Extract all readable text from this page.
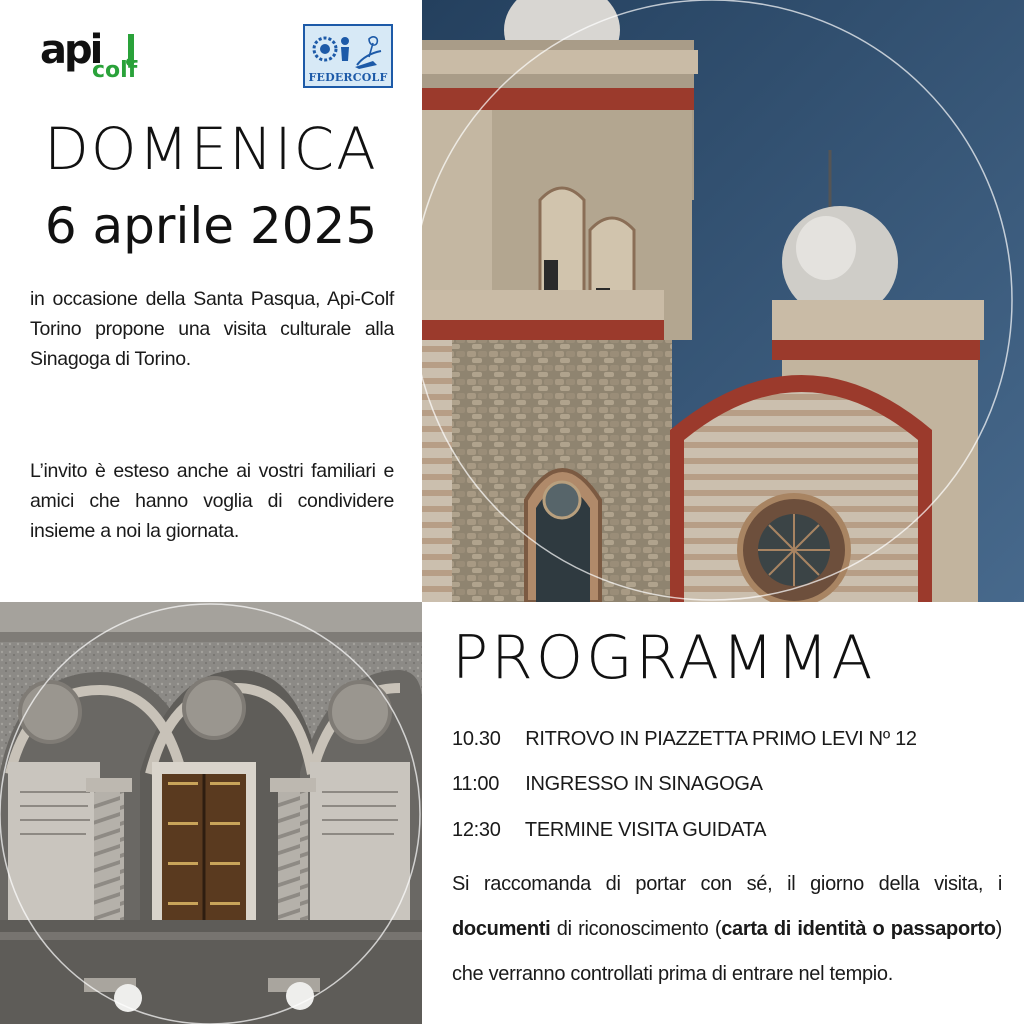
api
colf	FEDERCOLF
DOMENICA
6 aprile 2025

in occasione della Santa Pasqua, Api-Colf Torino propone una visita culturale alla Sinagoga di Torino.

L’invito è esteso anche ai vostri familiari e amici che hanno voglia di condividere insieme a noi la giornata.

PROGRAMMA
10.30 RITROVO IN PIAZZETTA PRIMO LEVI Nº 12
11:00 INGRESSO IN SINAGOGA
12:30 TERMINE VISITA GUIDATA

Si raccomanda di portar con sé, il giorno della visita, i documenti di riconoscimento (carta di identità o passaporto) che verranno controllati prima di entrare nel tempio.
